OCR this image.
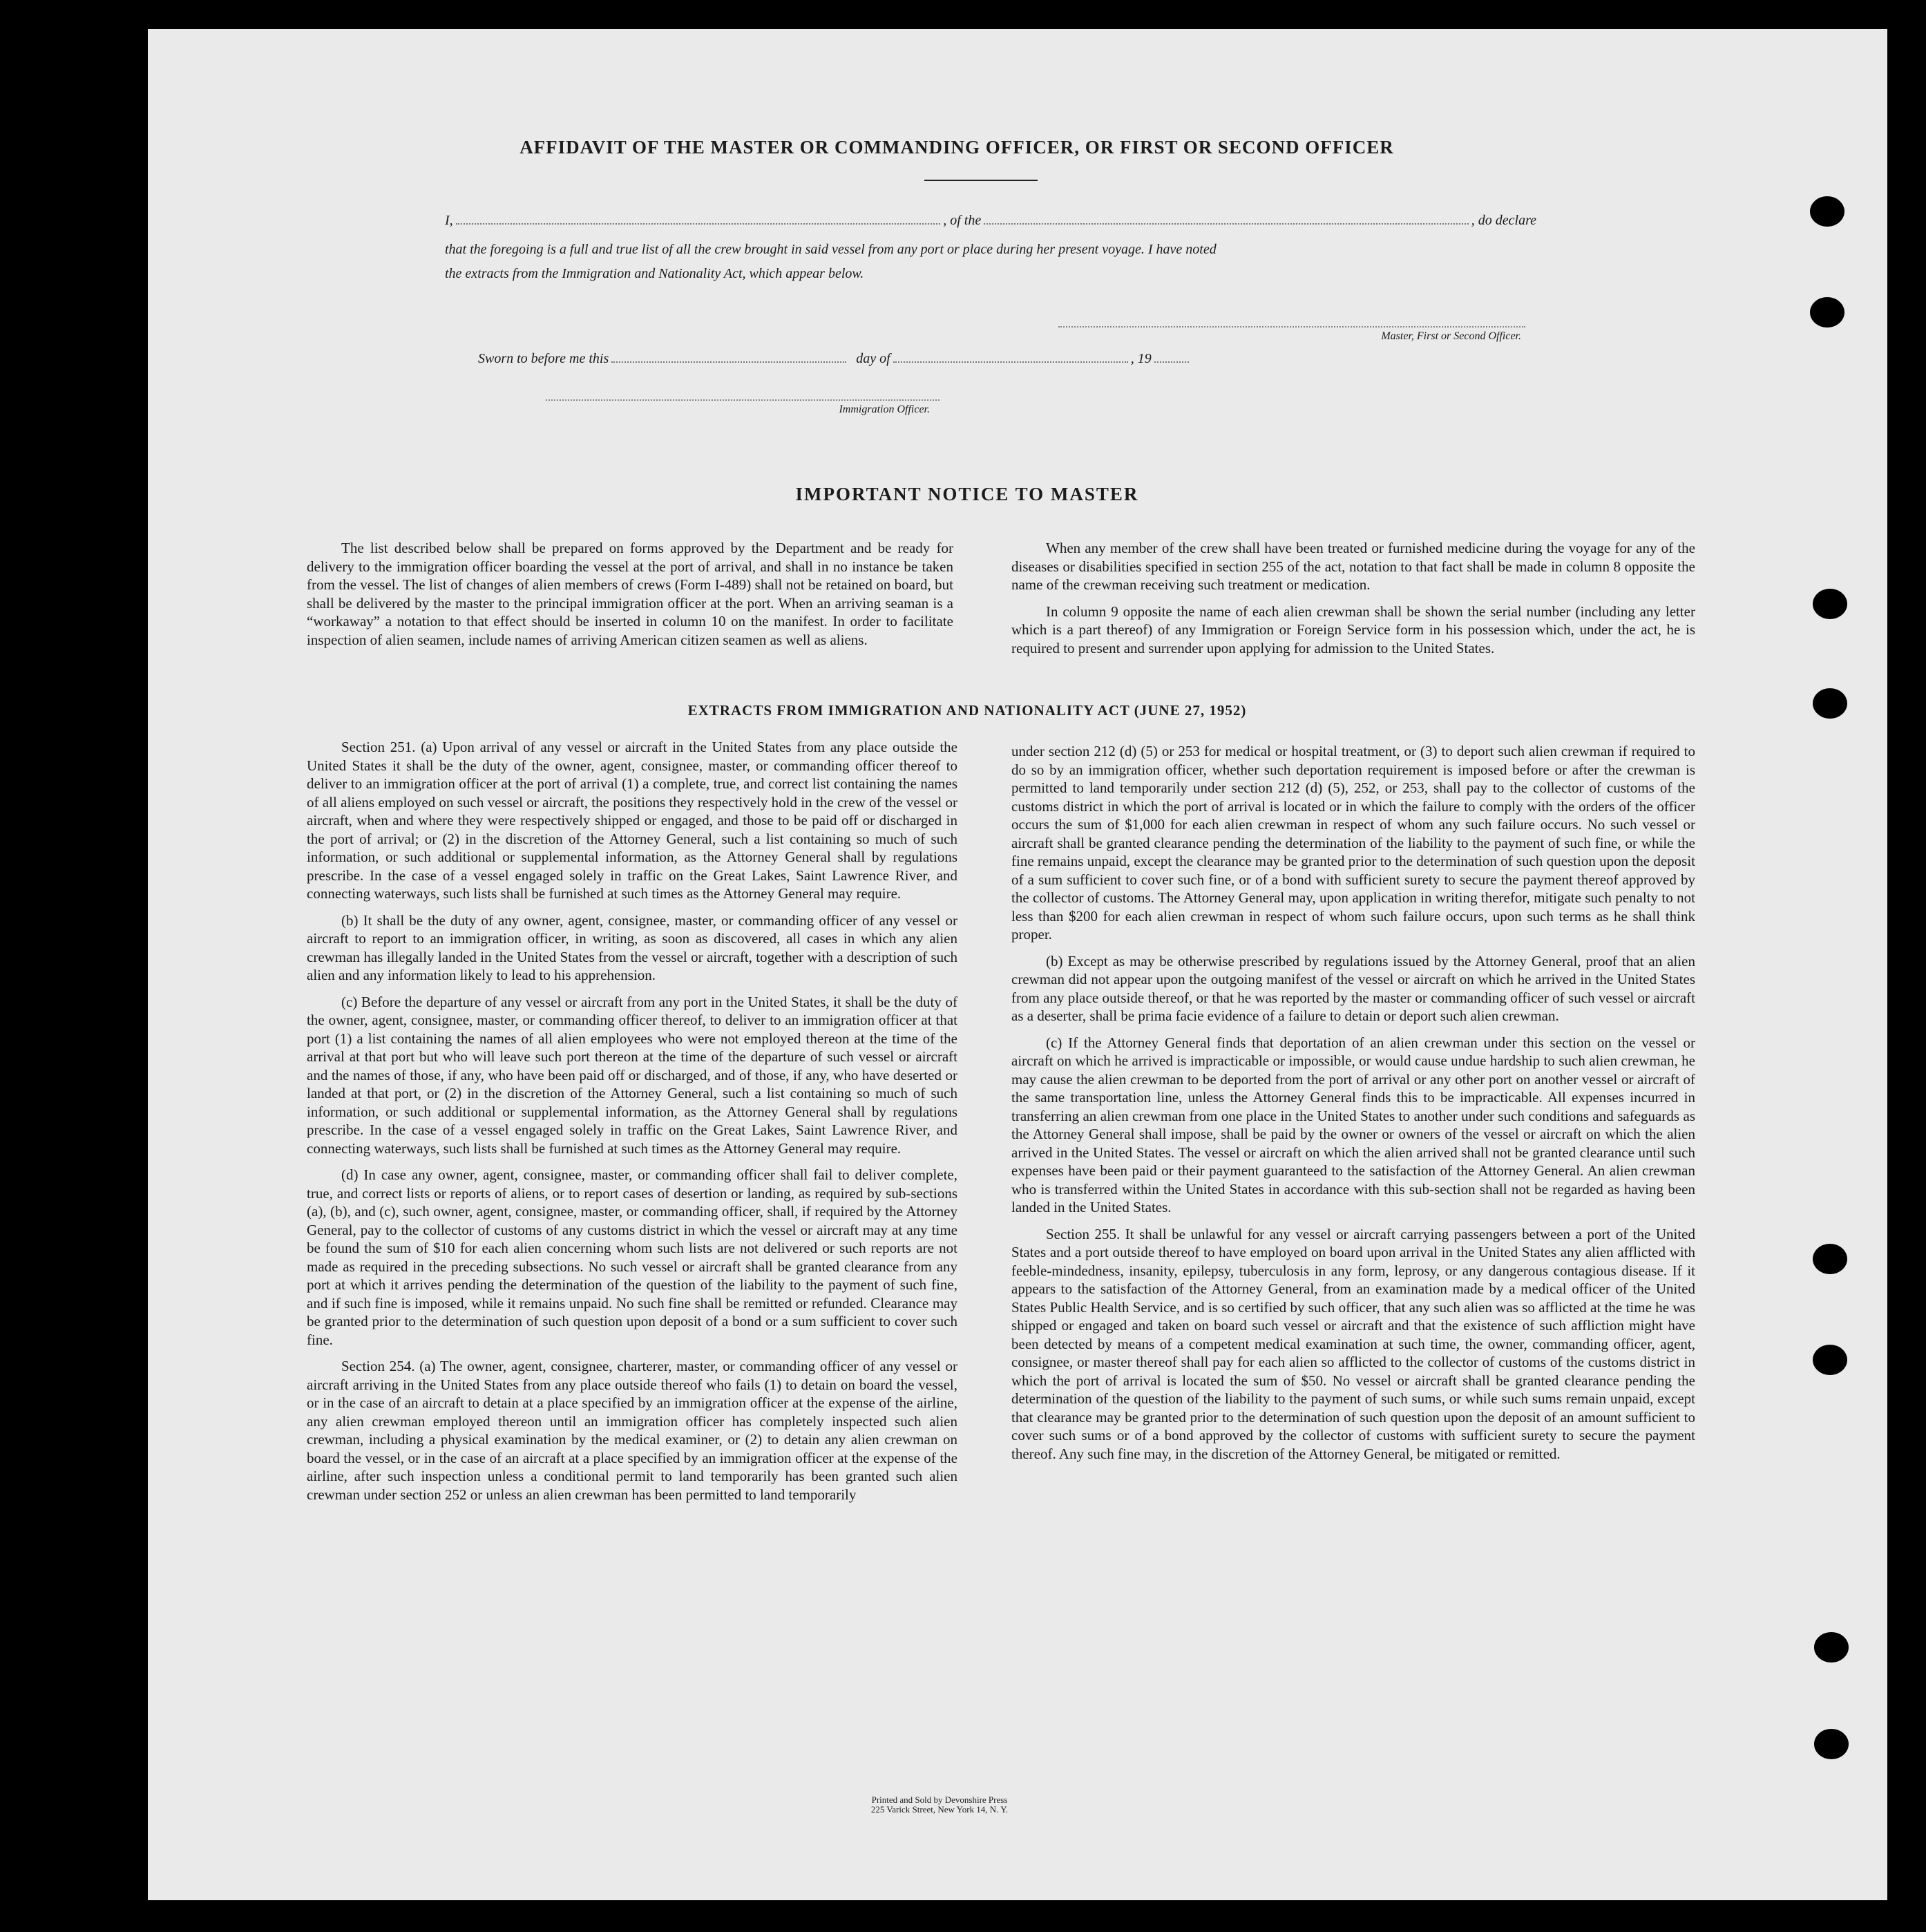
AFFIDAVIT OF THE MASTER OR COMMANDING OFFICER, OR FIRST OR SECOND OFFICER
I,	, of the	, do declare

that the foregoing is a full and true list of all the crew brought in said vessel from any port or place during her present voyage. I have noted

the extracts from the Immigration and Nationality Act, which appear below.

Master, First or Second Officer.
Sworn to before me this	day of	, 19
Immigration Officer.
IMPORTANT NOTICE TO MASTER

The list described below shall be prepared on forms approved by the Department and be ready for delivery to the immigration officer boarding the vessel at the port of arrival, and shall in no instance be taken from the vessel. The list of changes of alien members of crews (Form I-489) shall not be retained on board, but shall be delivered by the master to the principal immigration officer at the port. When an arriving seaman is a “workaway” a notation to that effect should be inserted in column 10 on the manifest. In order to facilitate inspection of alien seamen, include names of arriving American citizen seamen as well as aliens.

When any member of the crew shall have been treated or furnished medicine during the voyage for any of the diseases or disabilities specified in section 255 of the act, notation to that fact shall be made in column 8 opposite the name of the crewman receiving such treatment or medication.

In column 9 opposite the name of each alien crewman shall be shown the serial number (including any letter which is a part thereof) of any Immigration or Foreign Service form in his possession which, under the act, he is required to present and surrender upon applying for admission to the United States.

EXTRACTS FROM IMMIGRATION AND NATIONALITY ACT (JUNE 27, 1952)

Section 251. (a) Upon arrival of any vessel or aircraft in the United States from any place outside the United States it shall be the duty of the owner, agent, consignee, master, or commanding officer thereof to deliver to an immigration officer at the port of arrival (1) a complete, true, and correct list containing the names of all aliens employed on such vessel or aircraft, the positions they respectively hold in the crew of the vessel or aircraft, when and where they were respectively shipped or engaged, and those to be paid off or discharged in the port of arrival; or (2) in the discretion of the Attorney General, such a list containing so much of such information, or such additional or supplemental information, as the Attorney General shall by regulations prescribe. In the case of a vessel engaged solely in traffic on the Great Lakes, Saint Lawrence River, and connecting waterways, such lists shall be furnished at such times as the Attorney General may require.

(b) It shall be the duty of any owner, agent, consignee, master, or commanding officer of any vessel or aircraft to report to an immigration officer, in writing, as soon as discovered, all cases in which any alien crewman has illegally landed in the United States from the vessel or aircraft, together with a description of such alien and any information likely to lead to his apprehension.

(c) Before the departure of any vessel or aircraft from any port in the United States, it shall be the duty of the owner, agent, consignee, master, or commanding officer thereof, to deliver to an immigration officer at that port (1) a list containing the names of all alien employees who were not employed thereon at the time of the arrival at that port but who will leave such port thereon at the time of the departure of such vessel or aircraft and the names of those, if any, who have been paid off or discharged, and of those, if any, who have deserted or landed at that port, or (2) in the discretion of the Attorney General, such a list containing so much of such information, or such additional or supplemental information, as the Attorney General shall by regulations prescribe. In the case of a vessel engaged solely in traffic on the Great Lakes, Saint Lawrence River, and connecting waterways, such lists shall be furnished at such times as the Attorney General may require.

(d) In case any owner, agent, consignee, master, or commanding officer shall fail to deliver complete, true, and correct lists or reports of aliens, or to report cases of desertion or landing, as required by sub-sections (a), (b), and (c), such owner, agent, consignee, master, or commanding officer, shall, if required by the Attorney General, pay to the collector of customs of any customs district in which the vessel or aircraft may at any time be found the sum of $10 for each alien concerning whom such lists are not delivered or such reports are not made as required in the preceding subsections. No such vessel or aircraft shall be granted clearance from any port at which it arrives pending the determination of the question of the liability to the payment of such fine, and if such fine is imposed, while it remains unpaid. No such fine shall be remitted or refunded. Clearance may be granted prior to the determination of such question upon deposit of a bond or a sum sufficient to cover such fine.

Section 254. (a) The owner, agent, consignee, charterer, master, or commanding officer of any vessel or aircraft arriving in the United States from any place outside thereof who fails (1) to detain on board the vessel, or in the case of an aircraft to detain at a place specified by an immigration officer at the expense of the airline, any alien crewman employed thereon until an immigration officer has completely inspected such alien crewman, including a physical examination by the medical examiner, or (2) to detain any alien crewman on board the vessel, or in the case of an aircraft at a place specified by an immigration officer at the expense of the airline, after such inspection unless a conditional permit to land temporarily has been granted such alien crewman under section 252 or unless an alien crewman has been permitted to land temporarily

under section 212 (d) (5) or 253 for medical or hospital treatment, or (3) to deport such alien crewman if required to do so by an immigration officer, whether such deportation requirement is imposed before or after the crewman is permitted to land temporarily under section 212 (d) (5), 252, or 253, shall pay to the collector of customs of the customs district in which the port of arrival is located or in which the failure to comply with the orders of the officer occurs the sum of $1,000 for each alien crewman in respect of whom any such failure occurs. No such vessel or aircraft shall be granted clearance pending the determination of the liability to the payment of such fine, or while the fine remains unpaid, except the clearance may be granted prior to the determination of such question upon the deposit of a sum sufficient to cover such fine, or of a bond with sufficient surety to secure the payment thereof approved by the collector of customs. The Attorney General may, upon application in writing therefor, mitigate such penalty to not less than $200 for each alien crewman in respect of whom such failure occurs, upon such terms as he shall think proper.

(b) Except as may be otherwise prescribed by regulations issued by the Attorney General, proof that an alien crewman did not appear upon the outgoing manifest of the vessel or aircraft on which he arrived in the United States from any place outside thereof, or that he was reported by the master or commanding officer of such vessel or aircraft as a deserter, shall be prima facie evidence of a failure to detain or deport such alien crewman.

(c) If the Attorney General finds that deportation of an alien crewman under this section on the vessel or aircraft on which he arrived is impracticable or impossible, or would cause undue hardship to such alien crewman, he may cause the alien crewman to be deported from the port of arrival or any other port on another vessel or aircraft of the same transportation line, unless the Attorney General finds this to be impracticable. All expenses incurred in transferring an alien crewman from one place in the United States to another under such conditions and safeguards as the Attorney General shall impose, shall be paid by the owner or owners of the vessel or aircraft on which the alien arrived in the United States. The vessel or aircraft on which the alien arrived shall not be granted clearance until such expenses have been paid or their payment guaranteed to the satisfaction of the Attorney General. An alien crewman who is transferred within the United States in accordance with this sub-section shall not be regarded as having been landed in the United States.

Section 255. It shall be unlawful for any vessel or aircraft carrying passengers between a port of the United States and a port outside thereof to have employed on board upon arrival in the United States any alien afflicted with feeble-mindedness, insanity, epilepsy, tuberculosis in any form, leprosy, or any dangerous contagious disease. If it appears to the satisfaction of the Attorney General, from an examination made by a medical officer of the United States Public Health Service, and is so certified by such officer, that any such alien was so afflicted at the time he was shipped or engaged and taken on board such vessel or aircraft and that the existence of such affliction might have been detected by means of a competent medical examination at such time, the owner, commanding officer, agent, consignee, or master thereof shall pay for each alien so afflicted to the collector of customs of the customs district in which the port of arrival is located the sum of $50. No vessel or aircraft shall be granted clearance pending the determination of the question of the liability to the payment of such sums, or while such sums remain unpaid, except that clearance may be granted prior to the determination of such question upon the deposit of an amount sufficient to cover such sums or of a bond approved by the collector of customs with sufficient surety to secure the payment thereof. Any such fine may, in the discretion of the Attorney General, be mitigated or remitted.

Printed and Sold by Devonshire Press
225 Varick Street, New York 14, N. Y.
